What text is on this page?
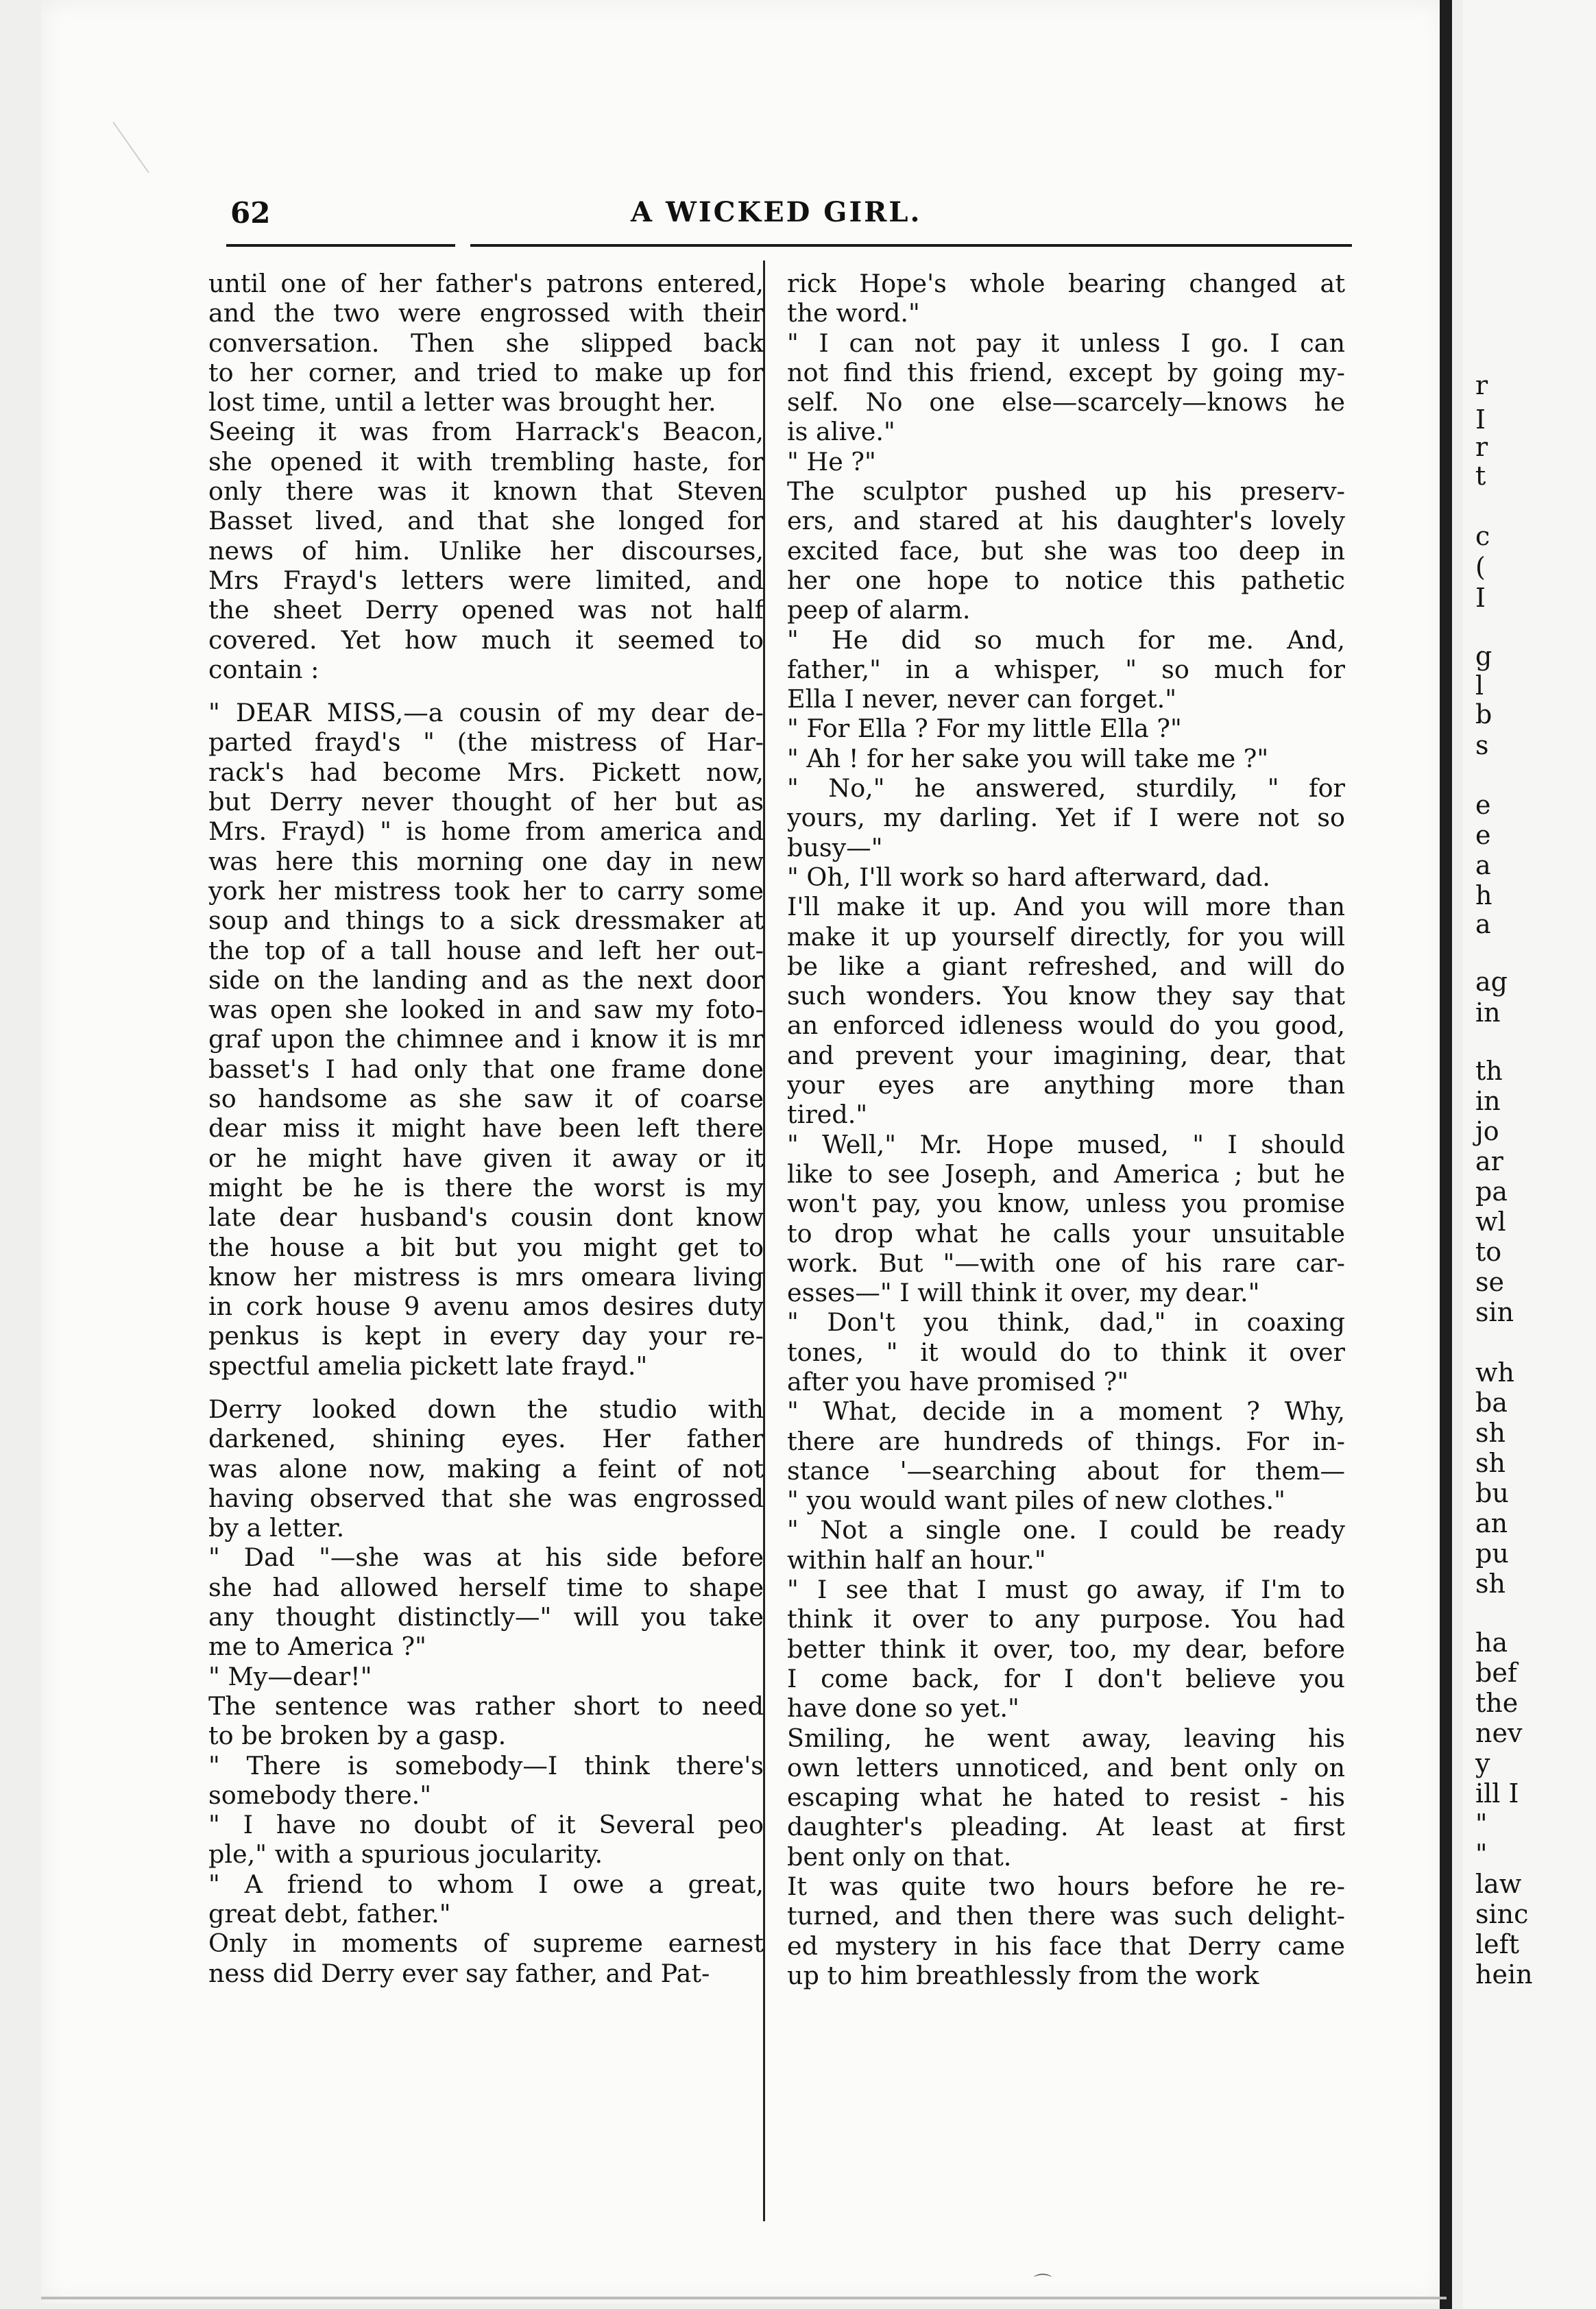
r
I
r
t
c
(
I
g
l
b
s
e
e
a
h
a
ag
in
th
in
jo
ar
pa
wl
to
se
sin
wh
ba
sh
sh
bu
an
pu
sh
ha
bef
the
nev
y
ill I
"
"
law
sinc
left
hein
62	A WICKED GIRL.
until one of her father's patrons entered,
and the two were engrossed with their
conversation. Then she slipped back
to her corner, and tried to make up for
lost time, until a letter was brought her.
Seeing it was from Harrack's Beacon,
she opened it with trembling haste, for
only there was it known that Steven
Basset lived, and that she longed for
news of him. Unlike her discourses,
Mrs Frayd's letters were limited, and
the sheet Derry opened was not half
covered. Yet how much it seemed to
contain :
" DEAR MISS,—a cousin of my dear de-
parted frayd's " (the mistress of Har-
rack's had become Mrs. Pickett now,
but Derry never thought of her but as
Mrs. Frayd) " is home from america and
was here this morning one day in new
york her mistress took her to carry some
soup and things to a sick dressmaker at
the top of a tall house and left her out-
side on the landing and as the next door
was open she looked in and saw my foto-
graf upon the chimnee and i know it is mr
basset's I had only that one frame done
so handsome as she saw it of coarse
dear miss it might have been left there
or he might have given it away or it
might be he is there the worst is my
late dear husband's cousin dont know
the house a bit but you might get to
know her mistress is mrs omeara living
in cork house 9 avenu amos desires duty
penkus is kept in every day your re-
spectful amelia pickett late frayd."
Derry looked down the studio with
darkened, shining eyes. Her father
was alone now, making a feint of not
having observed that she was engrossed
by a letter.
" Dad "—she was at his side before
she had allowed herself time to shape
any thought distinctly—" will you take
me to America ?"
" My—dear!"
The sentence was rather short to need
to be broken by a gasp.
" There is somebody—I think there's
somebody there."
" I have no doubt of it Several peo
ple," with a spurious jocularity.
" A friend to whom I owe a great,
great debt, father."
Only in moments of supreme earnest
ness did Derry ever say father, and Pat-
rick Hope's whole bearing changed at
the word."
" I can not pay it unless I go. I can
not find this friend, except by going my-
self. No one else—scarcely—knows he
is alive."
" He ?"
The sculptor pushed up his preserv-
ers, and stared at his daughter's lovely
excited face, but she was too deep in
her one hope to notice this pathetic
peep of alarm.
" He did so much for me. And,
father," in a whisper, " so much for
Ella I never, never can forget."
" For Ella ? For my little Ella ?"
" Ah ! for her sake you will take me ?"
" No," he answered, sturdily, " for
yours, my darling. Yet if I were not so
busy—"
" Oh, I'll work so hard afterward, dad.
I'll make it up. And you will more than
make it up yourself directly, for you will
be like a giant refreshed, and will do
such wonders. You know they say that
an enforced idleness would do you good,
and prevent your imagining, dear, that
your eyes are anything more than
tired."
" Well," Mr. Hope mused, " I should
like to see Joseph, and America ; but he
won't pay, you know, unless you promise
to drop what he calls your unsuitable
work. But "—with one of his rare car-
esses—" I will think it over, my dear."
" Don't you think, dad," in coaxing
tones, " it would do to think it over
after you have promised ?"
" What, decide in a moment ? Why,
there are hundreds of things. For in-
stance '—searching about for them—
" you would want piles of new clothes."
" Not a single one. I could be ready
within half an hour."
" I see that I must go away, if I'm to
think it over to any purpose. You had
better think it over, too, my dear, before
I come back, for I don't believe you
have done so yet."
Smiling, he went away, leaving his
own letters unnoticed, and bent only on
escaping what he hated to resist - his
daughter's pleading. At least at first
bent only on that.
It was quite two hours before he re-
turned, and then there was such delight-
ed mystery in his face that Derry came
up to him breathlessly from the work
⌒
